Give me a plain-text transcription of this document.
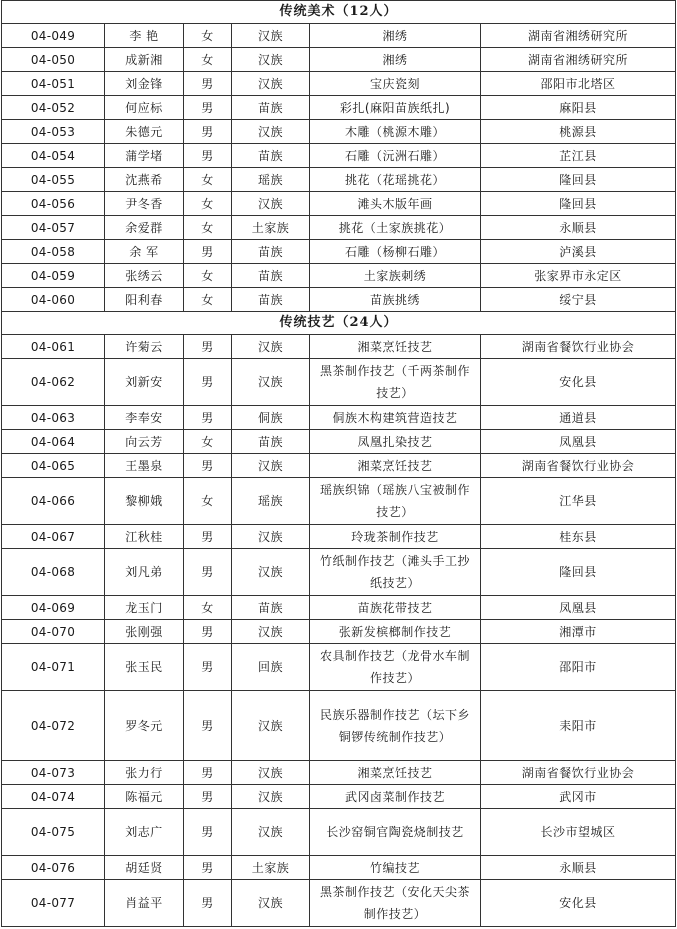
传统美术（12人）					
04-049	李 艳	女	汉族	湘绣	湖南省湘绣研究所
04-050	成新湘	女	汉族	湘绣	湖南省湘绣研究所
04-051	刘金锋	男	汉族	宝庆瓷刻	邵阳市北塔区
04-052	何应标	男	苗族	彩扎(麻阳苗族纸扎)	麻阳县
04-053	朱德元	男	汉族	木雕（桃源木雕）	桃源县
04-054	蒲学堵	男	苗族	石雕（沅洲石雕）	芷江县
04-055	沈燕希	女	瑶族	挑花（花瑶挑花）	隆回县
04-056	尹冬香	女	汉族	滩头木版年画	隆回县
04-057	余爱群	女	土家族	挑花（土家族挑花）	永顺县
04-058	余 军	男	苗族	石雕（杨柳石雕）	泸溪县
04-059	张绣云	女	苗族	土家族刺绣	张家界市永定区
04-060	阳利春	女	苗族	苗族挑绣	绥宁县
传统技艺（24人）					
04-061	许菊云	男	汉族	湘菜烹饪技艺	湖南省餐饮行业协会
04-062	刘新安	男	汉族	黑茶制作技艺（千两茶制作技艺）	安化县
04-063	李奉安	男	侗族	侗族木构建筑营造技艺	通道县
04-064	向云芳	女	苗族	凤凰扎染技艺	凤凰县
04-065	王墨泉	男	汉族	湘菜烹饪技艺	湖南省餐饮行业协会
04-066	黎柳娥	女	瑶族	瑶族织锦（瑶族八宝被制作技艺）	江华县
04-067	江秋桂	男	汉族	玲珑茶制作技艺	桂东县
04-068	刘凡弟	男	汉族	竹纸制作技艺（滩头手工抄纸技艺）	隆回县
04-069	龙玉门	女	苗族	苗族花带技艺	凤凰县
04-070	张刚强	男	汉族	张新发槟榔制作技艺	湘潭市
04-071	张玉民	男	回族	农具制作技艺（龙骨水车制作技艺）	邵阳市
04-072	罗冬元	男	汉族	民族乐器制作技艺（坛下乡铜锣传统制作技艺）	耒阳市
04-073	张力行	男	汉族	湘菜烹饪技艺	湖南省餐饮行业协会
04-074	陈福元	男	汉族	武冈卤菜制作技艺	武冈市
04-075	刘志广	男	汉族	长沙窑铜官陶瓷烧制技艺	长沙市望城区
04-076	胡廷贤	男	土家族	竹编技艺	永顺县
04-077	肖益平	男	汉族	黑茶制作技艺（安化天尖茶制作技艺）	安化县
